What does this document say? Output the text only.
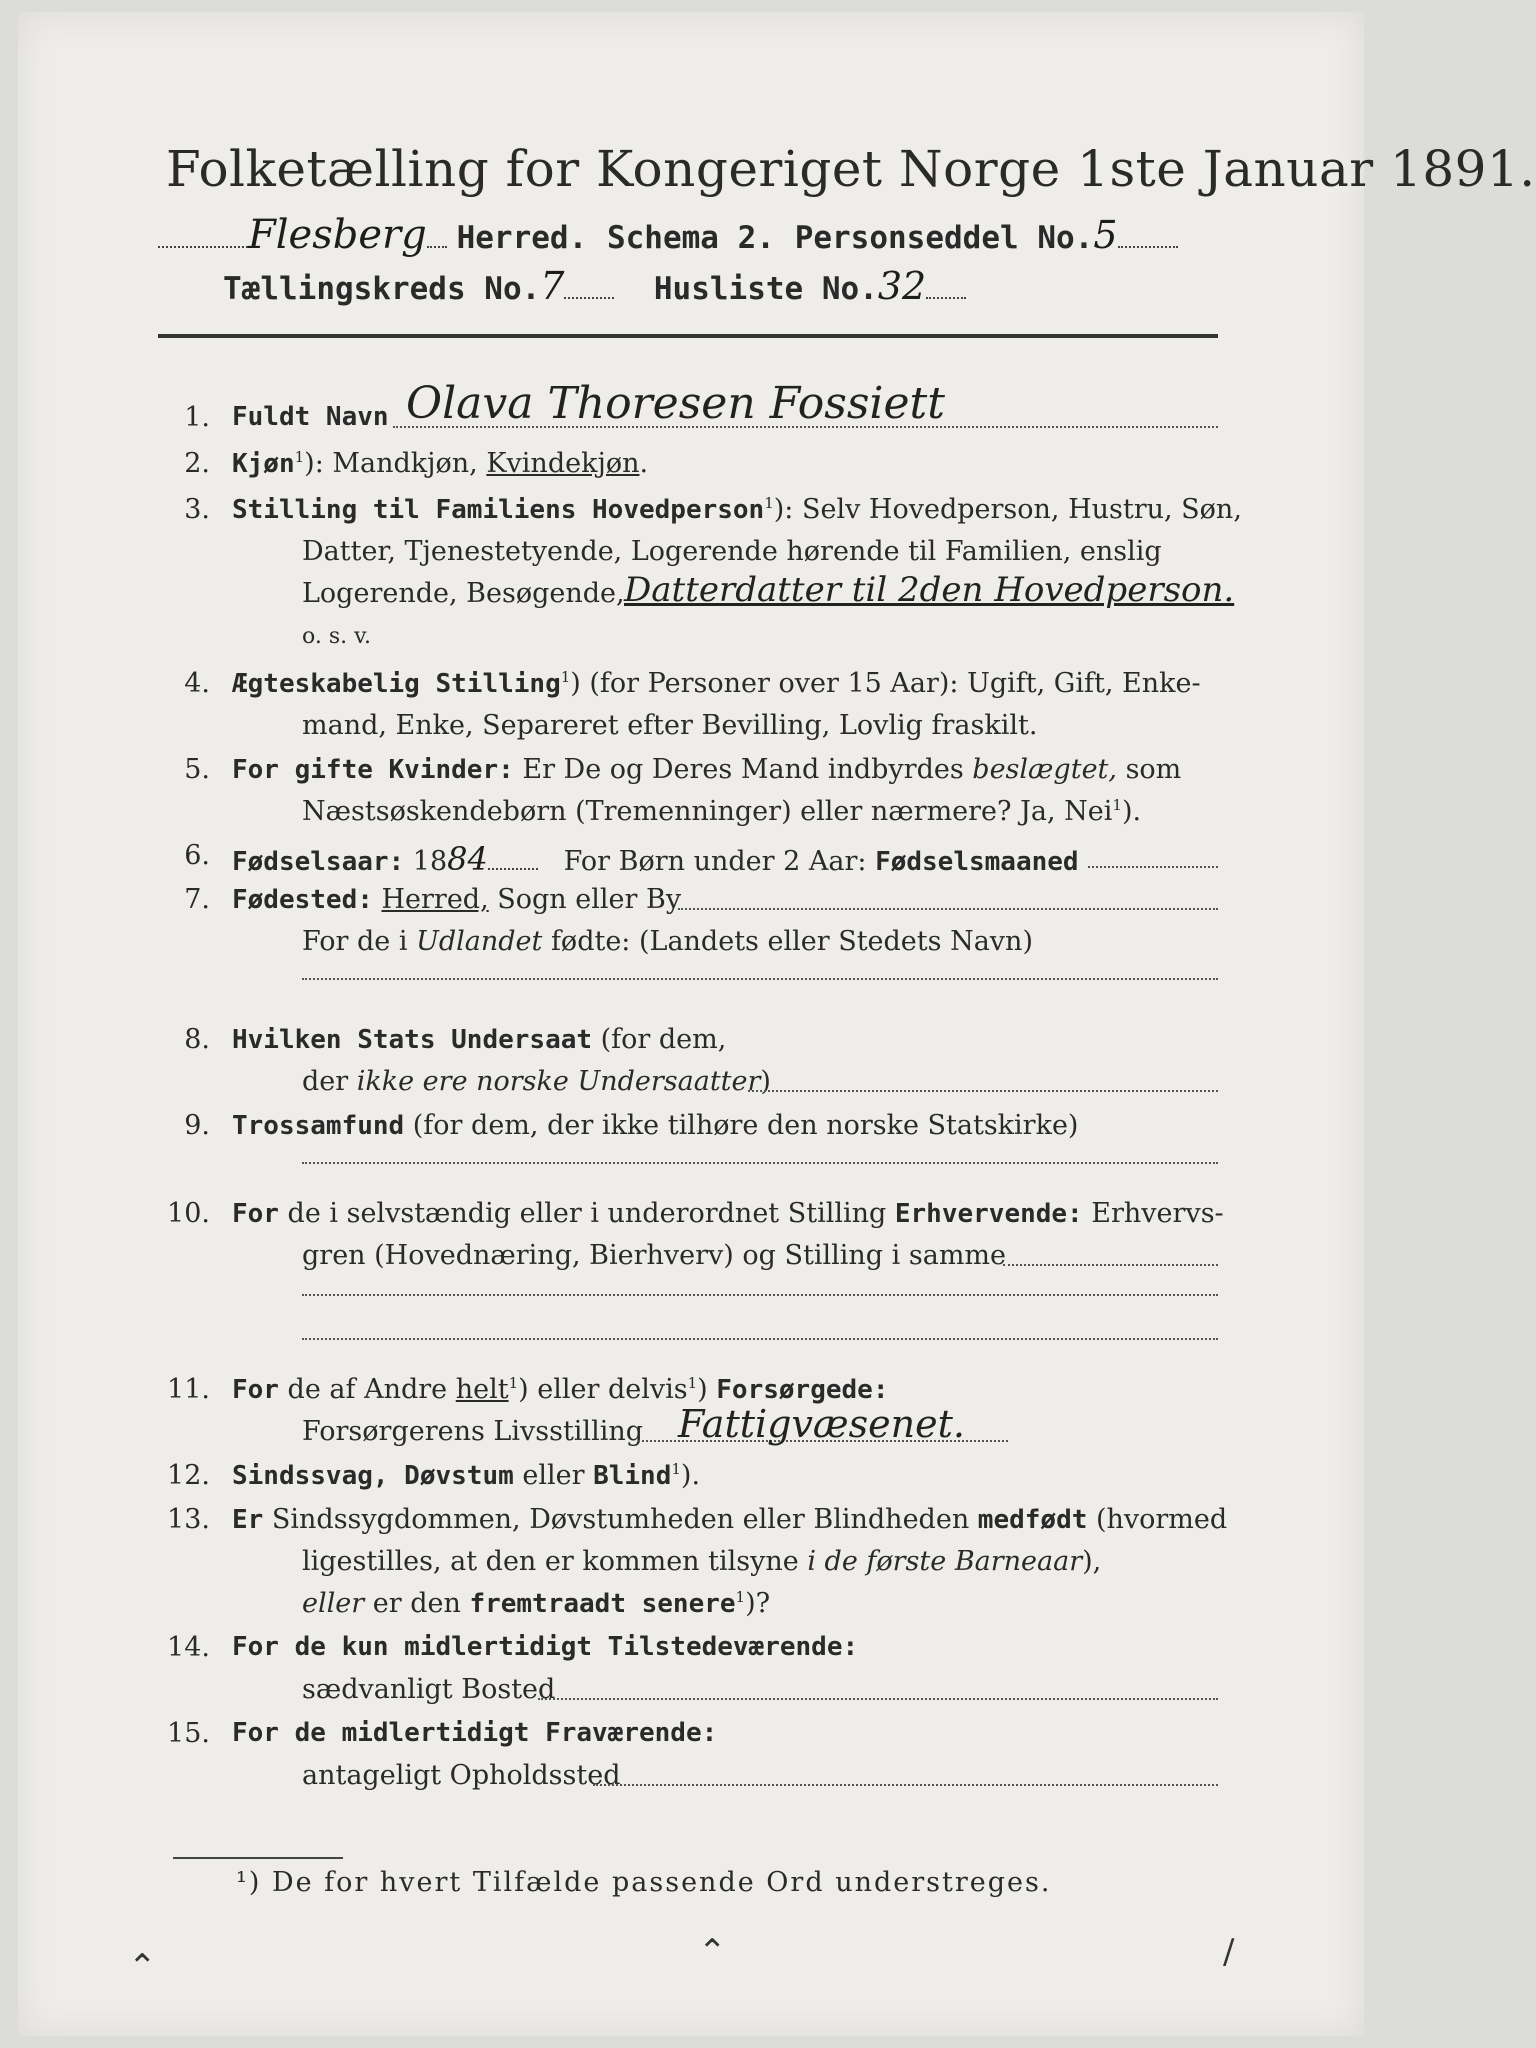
Folketælling for Kongeriget Norge 1ste Januar 1891.
Flesberg Herred. Schema 2. Personseddel No.5
Tællingskreds No.7	Husliste No.32
1. Fuldt Navn Olava Thoresen Fossiett
2. Kjøn$^1$): Mandkjøn, Kvindekjøn.
3. Stilling til Familiens Hovedperson$^1$): Selv Hovedperson, Hustru, Søn,
Datter, Tjenestetyende, Logerende hørende til Familien, enslig
Logerende, Besøgende, Datterdatter til 2den Hovedperson.
o. s. v.
4. Ægteskabelig Stilling$^1$) (for Personer over 15 Aar): Ugift, Gift, Enke-
mand, Enke, Separeret efter Bevilling, Lovlig fraskilt.
5. For gifte Kvinder: Er De og Deres Mand indbyrdes beslægtet, som
Næstsøskendebørn (Tremenninger) eller nærmere? Ja, Nei$^1$).
6. Fødselsaar: 1884	For Børn under 2 Aar: Fødselsmaaned
7. Fødested: Herred, Sogn eller By
For de i Udlandet fødte: (Landets eller Stedets Navn)
8. Hvilken Stats Undersaat (for dem,
der ikke ere norske Undersaatter)
9. Trossamfund (for dem, der ikke tilhøre den norske Statskirke)
10. For de i selvstændig eller i underordnet Stilling Erhvervende: Erhvervs-
gren (Hovednæring, Bierhverv) og Stilling i samme
11. For de af Andre helt$^1$) eller delvis$^1$) Forsørgede:
Forsørgerens Livsstilling Fattigvæsenet.
12. Sindssvag, Døvstum eller Blind$^1$).
13. Er Sindssygdommen, Døvstumheden eller Blindheden medfødt (hvormed
ligestilles, at den er kommen tilsyne i de første Barneaar),
eller er den fremtraadt senere$^1$)?
14. For de kun midlertidigt Tilstedeværende:
sædvanligt Bosted
15. For de midlertidigt Fraværende:
antageligt Opholdssted
¹) De for hvert Tilfælde passende Ord understreges.
⌃	⌃	/
